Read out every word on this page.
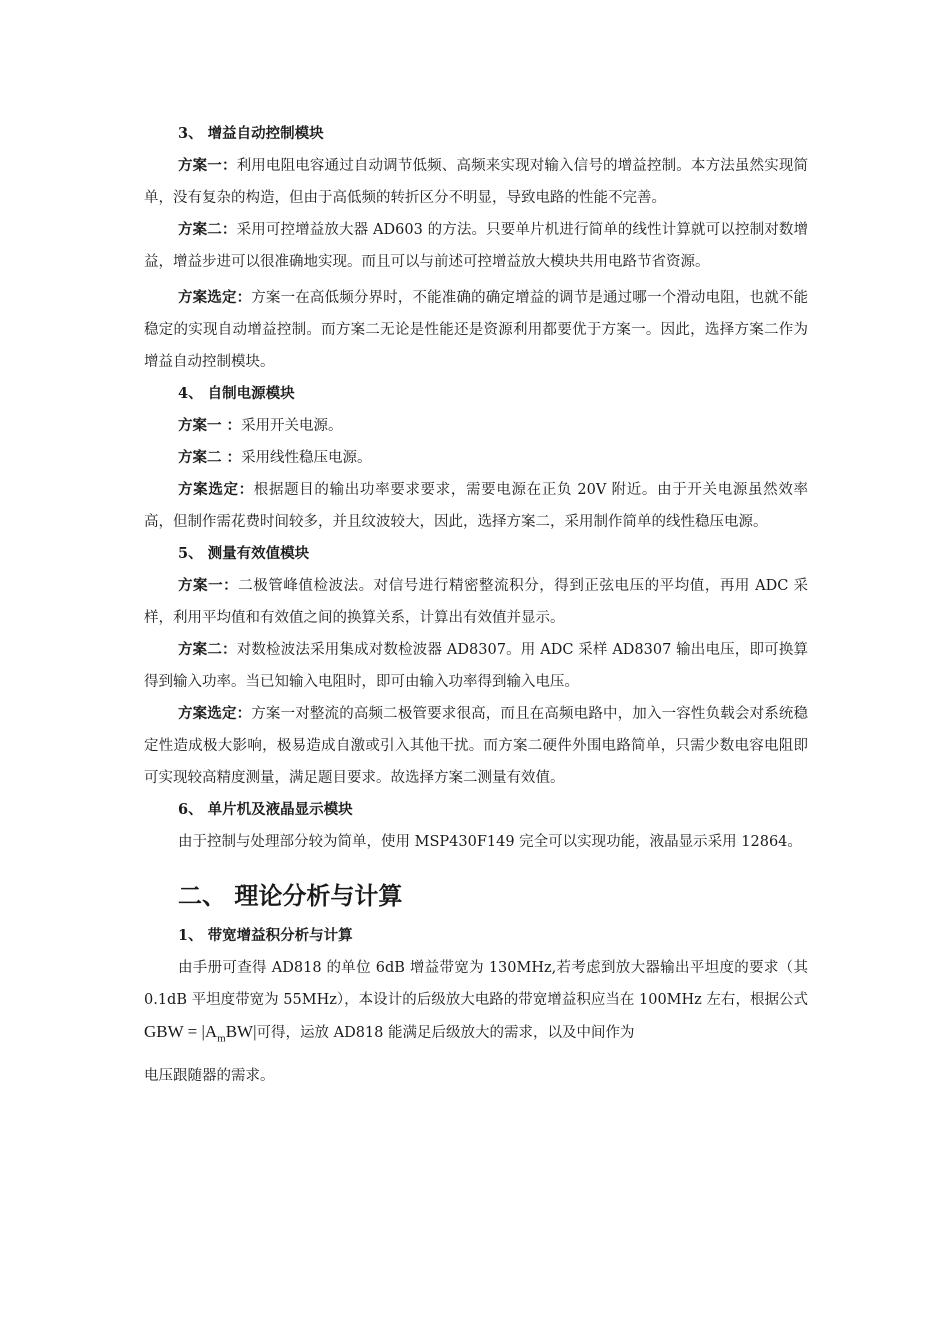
3、 增益自动控制模块

方案一：利用电阻电容通过自动调节低频、高频来实现对输入信号的增益控制。本方法虽然实现简单，没有复杂的构造，但由于高低频的转折区分不明显，导致电路的性能不完善。

方案二：采用可控增益放大器 AD603 的方法。只要单片机进行简单的线性计算就可以控制对数增益，增益步进可以很准确地实现。而且可以与前述可控增益放大模块共用电路节省资源。

方案选定：方案一在高低频分界时，不能准确的确定增益的调节是通过哪一个滑动电阻，也就不能稳定的实现自动增益控制。而方案二无论是性能还是资源利用都要优于方案一。因此，选择方案二作为增益自动控制模块。

4、 自制电源模块

方案一 ：采用开关电源。

方案二 ：采用线性稳压电源。

方案选定：根据题目的输出功率要求要求，需要电源在正负 20V 附近。由于开关电源虽然效率高，但制作需花费时间较多，并且纹波较大，因此，选择方案二，采用制作简单的线性稳压电源。

5、 测量有效值模块

方案一：二极管峰值检波法。对信号进行精密整流积分，得到正弦电压的平均值，再用 ADC 采样，利用平均值和有效值之间的换算关系，计算出有效值并显示。

方案二：对数检波法采用集成对数检波器 AD8307。用 ADC 采样 AD8307 输出电压，即可换算得到输入功率。当已知输入电阻时，即可由输入功率得到输入电压。

方案选定：方案一对整流的高频二极管要求很高，而且在高频电路中，加入一容性负载会对系统稳定性造成极大影响，极易造成自激或引入其他干扰。而方案二硬件外围电路简单，只需少数电容电阻即可实现较高精度测量，满足题目要求。故选择方案二测量有效值。

6、 单片机及液晶显示模块

由于控制与处理部分较为简单，使用 MSP430F149 完全可以实现功能，液晶显示采用 12864。

二、 理论分析与计算
1、 带宽增益积分析与计算

由手册可查得 AD818 的单位 6dB 增益带宽为 130MHz,若考虑到放大器输出平坦度的要求（其 0.1dB 平坦度带宽为 55MHz），本设计的后级放大电路的带宽增益积应当在 100MHz 左右，根据公式GBW = $|A_mBW|$可得，运放 AD818 能满足后级放大的需求，以及中间作为

电压跟随器的需求。
